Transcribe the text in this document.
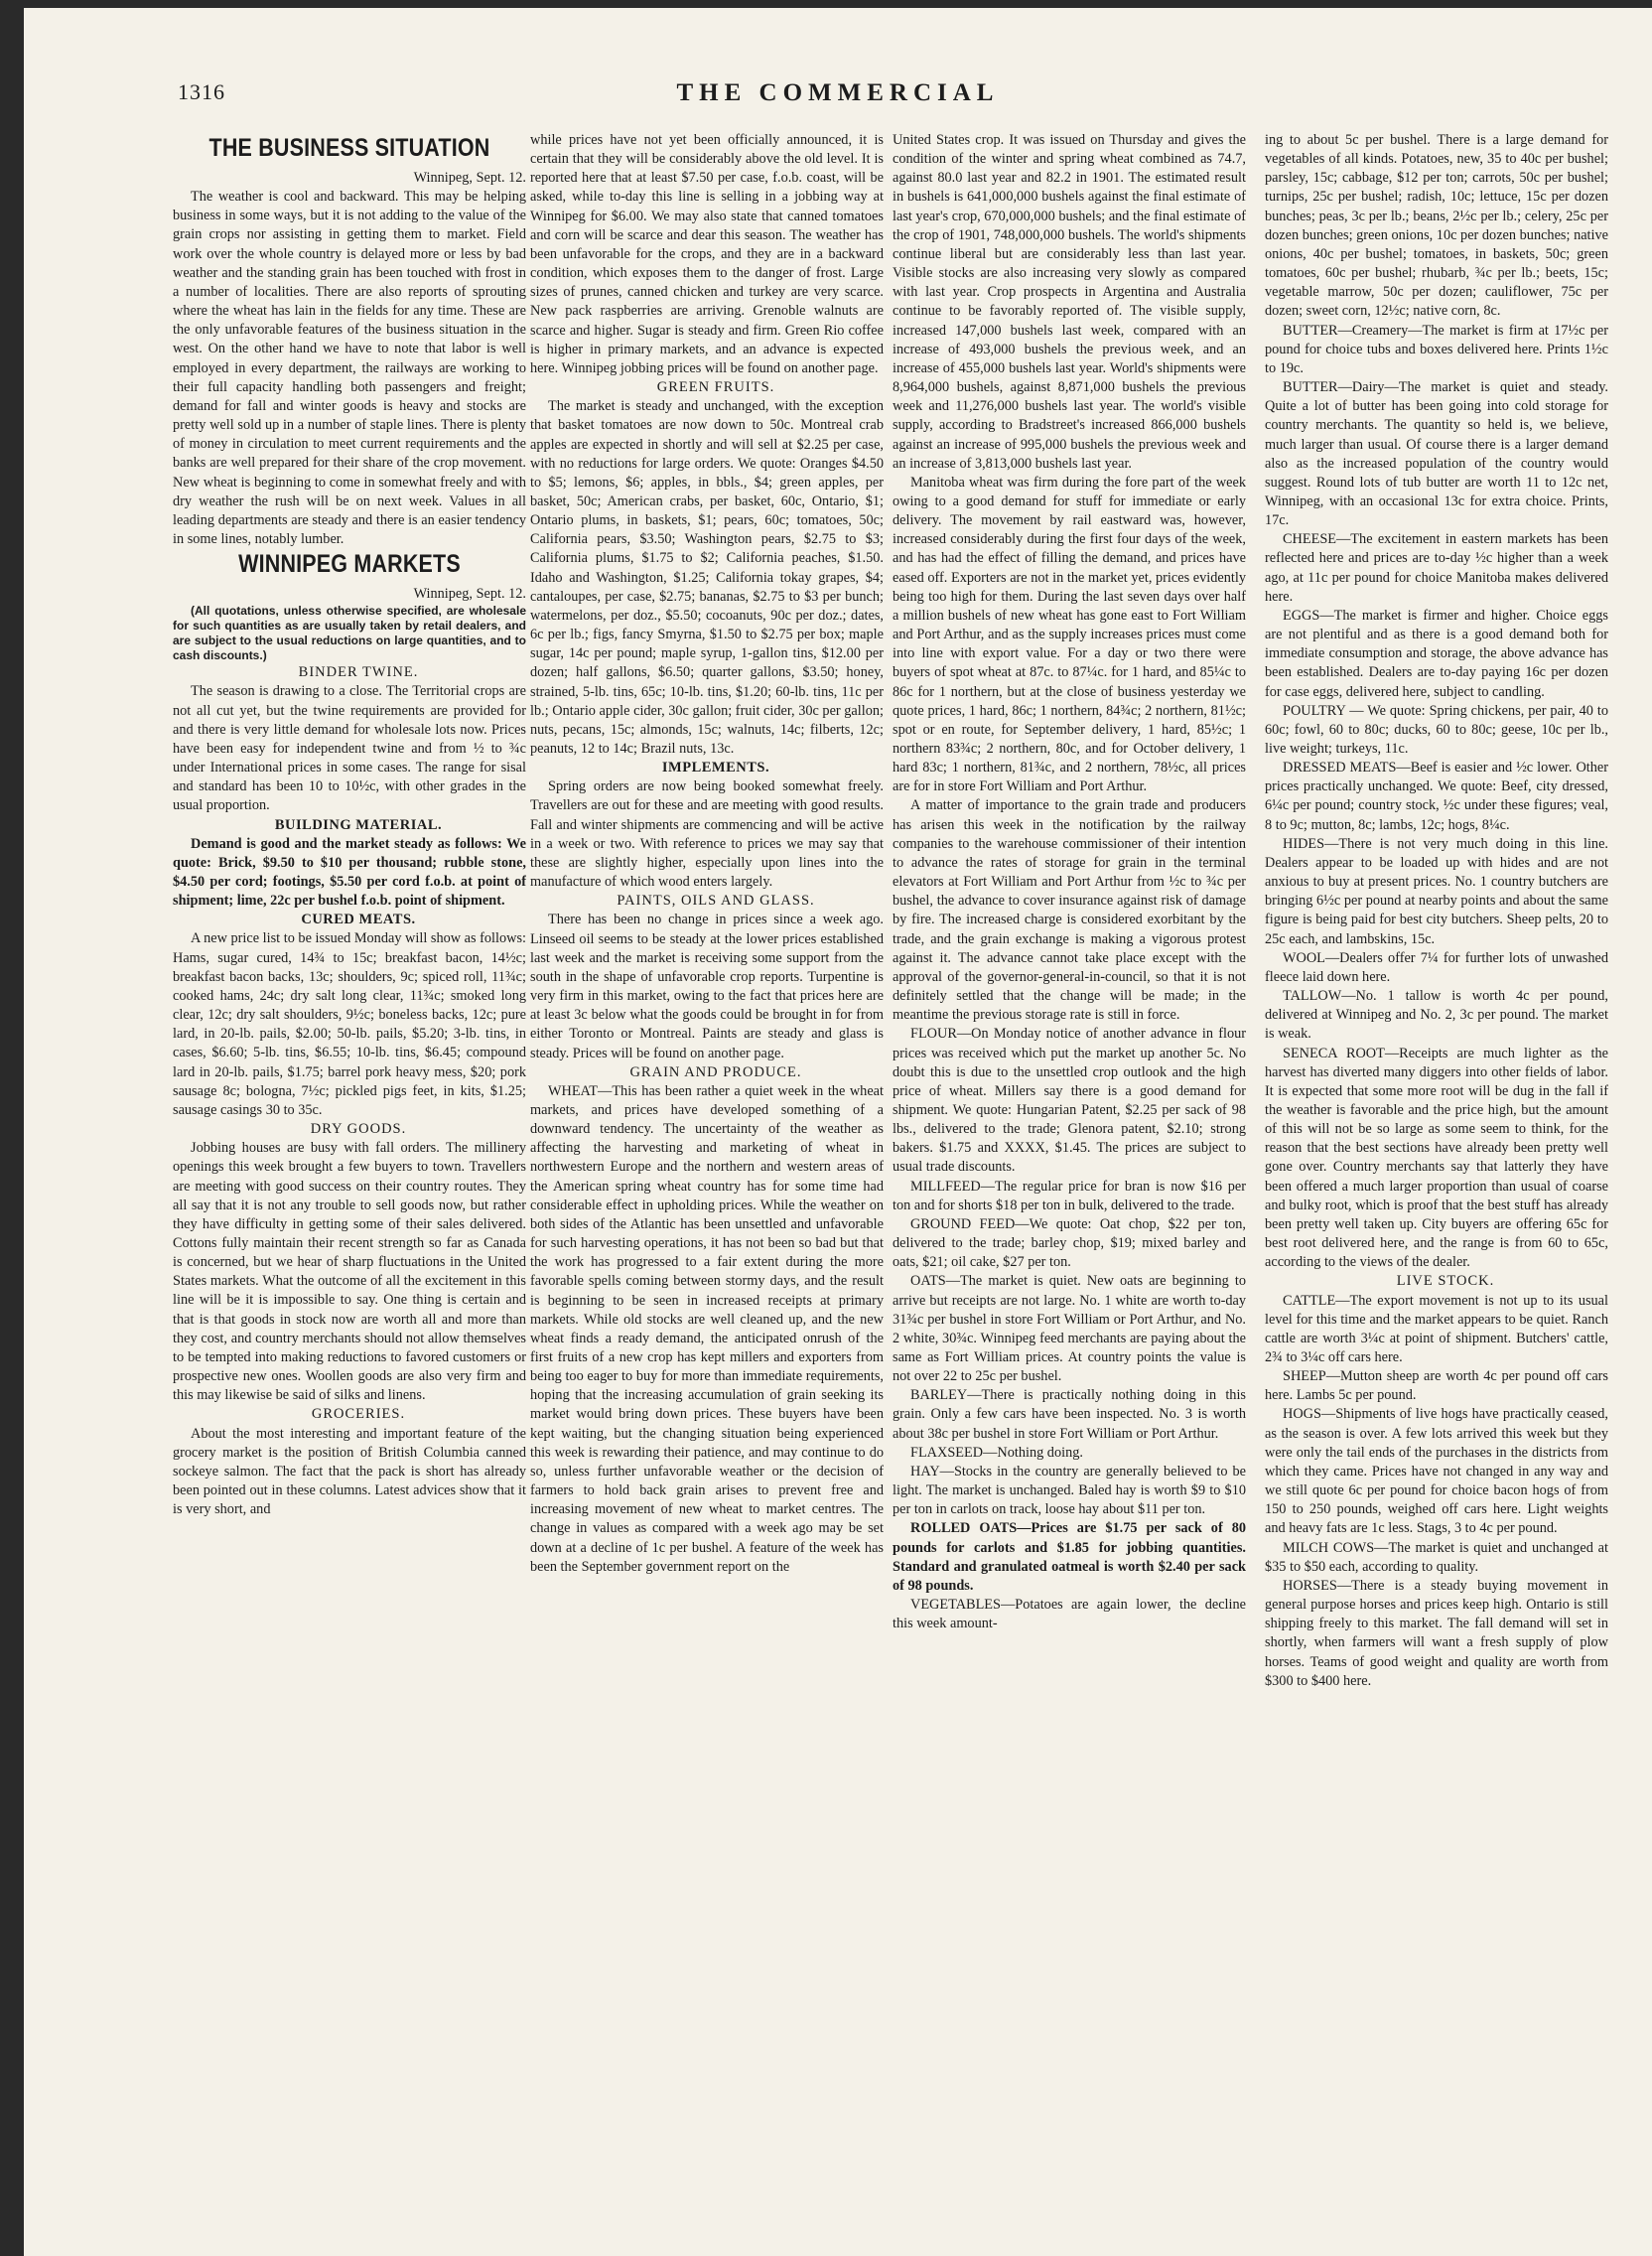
1316	THE COMMERCIAL
THE BUSINESS SITUATION

Winnipeg, Sept. 12.

The weather is cool and backward. This may be helping business in some ways, but it is not adding to the value of the grain crops nor assisting in getting them to market. Field work over the whole country is delayed more or less by bad weather and the standing grain has been touched with frost in a number of localities. There are also reports of sprouting where the wheat has lain in the fields for any time. These are the only unfavorable features of the business situation in the west. On the other hand we have to note that labor is well employed in every department, the railways are working to their full capacity handling both passengers and freight; demand for fall and winter goods is heavy and stocks are pretty well sold up in a number of staple lines. There is plenty of money in circulation to meet current requirements and the banks are well prepared for their share of the crop movement. New wheat is beginning to come in somewhat freely and with dry weather the rush will be on next week. Values in all leading departments are steady and there is an easier tendency in some lines, notably lumber.

WINNIPEG MARKETS

Winnipeg, Sept. 12.

(All quotations, unless otherwise specified, are wholesale for such quantities as are usually taken by retail dealers, and are subject to the usual reductions on large quantities, and to cash discounts.)

BINDER TWINE.

The season is drawing to a close. The Territorial crops are not all cut yet, but the twine requirements are provided for and there is very little demand for wholesale lots now. Prices have been easy for independent twine and from ½ to ¾c under International prices in some cases. The range for sisal and standard has been 10 to 10½c, with other grades in the usual proportion.

BUILDING MATERIAL.

Demand is good and the market steady as follows: We quote: Brick, $9.50 to $10 per thousand; rubble stone, $4.50 per cord; footings, $5.50 per cord f.o.b. at point of shipment; lime, 22c per bushel f.o.b. point of shipment.

CURED MEATS.

A new price list to be issued Monday will show as follows: Hams, sugar cured, 14¾ to 15c; breakfast bacon, 14½c; breakfast bacon backs, 13c; shoulders, 9c; spiced roll, 11¾c; cooked hams, 24c; dry salt long clear, 11¾c; smoked long clear, 12c; dry salt shoulders, 9½c; boneless backs, 12c; pure lard, in 20-lb. pails, $2.00; 50-lb. pails, $5.20; 3-lb. tins, in cases, $6.60; 5-lb. tins, $6.55; 10-lb. tins, $6.45; compound lard in 20-lb. pails, $1.75; barrel pork heavy mess, $20; pork sausage 8c; bologna, 7½c; pickled pigs feet, in kits, $1.25; sausage casings 30 to 35c.

DRY GOODS.

Jobbing houses are busy with fall orders. The millinery openings this week brought a few buyers to town. Travellers are meeting with good success on their country routes. They all say that it is not any trouble to sell goods now, but rather they have difficulty in getting some of their sales delivered. Cottons fully maintain their recent strength so far as Canada is concerned, but we hear of sharp fluctuations in the United States markets. What the outcome of all the excitement in this line will be it is impossible to say. One thing is certain and that is that goods in stock now are worth all and more than they cost, and country merchants should not allow themselves to be tempted into making reductions to favored customers or prospective new ones. Woollen goods are also very firm and this may likewise be said of silks and linens.

GROCERIES.

About the most interesting and important feature of the grocery market is the position of British Columbia canned sockeye salmon. The fact that the pack is short has already been pointed out in these columns. Latest advices show that it is very short, and

while prices have not yet been officially announced, it is certain that they will be considerably above the old level. It is reported here that at least $7.50 per case, f.o.b. coast, will be asked, while to-day this line is selling in a jobbing way at Winnipeg for $6.00. We may also state that canned tomatoes and corn will be scarce and dear this season. The weather has been unfavorable for the crops, and they are in a backward condition, which exposes them to the danger of frost. Large sizes of prunes, canned chicken and turkey are very scarce. New pack raspberries are arriving. Grenoble walnuts are scarce and higher. Sugar is steady and firm. Green Rio coffee is higher in primary markets, and an advance is expected here. Winnipeg jobbing prices will be found on another page.

GREEN FRUITS.

The market is steady and unchanged, with the exception that basket tomatoes are now down to 50c. Montreal crab apples are expected in shortly and will sell at $2.25 per case, with no reductions for large orders. We quote: Oranges $4.50 to $5; lemons, $6; apples, in bbls., $4; green apples, per basket, 50c; American crabs, per basket, 60c, Ontario, $1; Ontario plums, in baskets, $1; pears, 60c; tomatoes, 50c; California pears, $3.50; Washington pears, $2.75 to $3; California plums, $1.75 to $2; California peaches, $1.50. Idaho and Washington, $1.25; California tokay grapes, $4; cantaloupes, per case, $2.75; bananas, $2.75 to $3 per bunch; watermelons, per doz., $5.50; cocoanuts, 90c per doz.; dates, 6c per lb.; figs, fancy Smyrna, $1.50 to $2.75 per box; maple sugar, 14c per pound; maple syrup, 1-gallon tins, $12.00 per dozen; half gallons, $6.50; quarter gallons, $3.50; honey, strained, 5-lb. tins, 65c; 10-lb. tins, $1.20; 60-lb. tins, 11c per lb.; Ontario apple cider, 30c gallon; fruit cider, 30c per gallon; nuts, pecans, 15c; almonds, 15c; walnuts, 14c; filberts, 12c; peanuts, 12 to 14c; Brazil nuts, 13c.

IMPLEMENTS.

Spring orders are now being booked somewhat freely. Travellers are out for these and are meeting with good results. Fall and winter shipments are commencing and will be active in a week or two. With reference to prices we may say that these are slightly higher, especially upon lines into the manufacture of which wood enters largely.

PAINTS, OILS AND GLASS.

There has been no change in prices since a week ago. Linseed oil seems to be steady at the lower prices established last week and the market is receiving some support from the south in the shape of unfavorable crop reports. Turpentine is very firm in this market, owing to the fact that prices here are at least 3c below what the goods could be brought in for from either Toronto or Montreal. Paints are steady and glass is steady. Prices will be found on another page.

GRAIN AND PRODUCE.

WHEAT—This has been rather a quiet week in the wheat markets, and prices have developed something of a downward tendency. The uncertainty of the weather as affecting the harvesting and marketing of wheat in northwestern Europe and the northern and western areas of the American spring wheat country has for some time had considerable effect in upholding prices. While the weather on both sides of the Atlantic has been unsettled and unfavorable for such harvesting operations, it has not been so bad but that the work has progressed to a fair extent during the more favorable spells coming between stormy days, and the result is beginning to be seen in increased receipts at primary markets. While old stocks are well cleaned up, and the new wheat finds a ready demand, the anticipated onrush of the first fruits of a new crop has kept millers and exporters from being too eager to buy for more than immediate requirements, hoping that the increasing accumulation of grain seeking its market would bring down prices. These buyers have been kept waiting, but the changing situation being experienced this week is rewarding their patience, and may continue to do so, unless further unfavorable weather or the decision of farmers to hold back grain arises to prevent free and increasing movement of new wheat to market centres. The change in values as compared with a week ago may be set down at a decline of 1c per bushel. A feature of the week has been the September government report on the

United States crop. It was issued on Thursday and gives the condition of the winter and spring wheat combined as 74.7, against 80.0 last year and 82.2 in 1901. The estimated result in bushels is 641,000,000 bushels against the final estimate of last year's crop, 670,000,000 bushels; and the final estimate of the crop of 1901, 748,000,000 bushels. The world's shipments continue liberal but are considerably less than last year. Visible stocks are also increasing very slowly as compared with last year. Crop prospects in Argentina and Australia continue to be favorably reported of. The visible supply, increased 147,000 bushels last week, compared with an increase of 493,000 bushels the previous week, and an increase of 455,000 bushels last year. World's shipments were 8,964,000 bushels, against 8,871,000 bushels the previous week and 11,276,000 bushels last year. The world's visible supply, according to Bradstreet's increased 866,000 bushels against an increase of 995,000 bushels the previous week and an increase of 3,813,000 bushels last year.

Manitoba wheat was firm during the fore part of the week owing to a good demand for stuff for immediate or early delivery. The movement by rail eastward was, however, increased considerably during the first four days of the week, and has had the effect of filling the demand, and prices have eased off. Exporters are not in the market yet, prices evidently being too high for them. During the last seven days over half a million bushels of new wheat has gone east to Fort William and Port Arthur, and as the supply increases prices must come into line with export value. For a day or two there were buyers of spot wheat at 87c. to 87¼c. for 1 hard, and 85¼c to 86c for 1 northern, but at the close of business yesterday we quote prices, 1 hard, 86c; 1 northern, 84¾c; 2 northern, 81½c; spot or en route, for September delivery, 1 hard, 85½c; 1 northern 83¾c; 2 northern, 80c, and for October delivery, 1 hard 83c; 1 northern, 81¾c, and 2 northern, 78½c, all prices are for in store Fort William and Port Arthur.

A matter of importance to the grain trade and producers has arisen this week in the notification by the railway companies to the warehouse commissioner of their intention to advance the rates of storage for grain in the terminal elevators at Fort William and Port Arthur from ½c to ¾c per bushel, the advance to cover insurance against risk of damage by fire. The increased charge is considered exorbitant by the trade, and the grain exchange is making a vigorous protest against it. The advance cannot take place except with the approval of the governor-general-in-council, so that it is not definitely settled that the change will be made; in the meantime the previous storage rate is still in force.

FLOUR—On Monday notice of another advance in flour prices was received which put the market up another 5c. No doubt this is due to the unsettled crop outlook and the high price of wheat. Millers say there is a good demand for shipment. We quote: Hungarian Patent, $2.25 per sack of 98 lbs., delivered to the trade; Glenora patent, $2.10; strong bakers. $1.75 and XXXX, $1.45. The prices are subject to usual trade discounts.

MILLFEED—The regular price for bran is now $16 per ton and for shorts $18 per ton in bulk, delivered to the trade.

GROUND FEED—We quote: Oat chop, $22 per ton, delivered to the trade; barley chop, $19; mixed barley and oats, $21; oil cake, $27 per ton.

OATS—The market is quiet. New oats are beginning to arrive but receipts are not large. No. 1 white are worth to-day 31¾c per bushel in store Fort William or Port Arthur, and No. 2 white, 30¾c. Winnipeg feed merchants are paying about the same as Fort William prices. At country points the value is not over 22 to 25c per bushel.

BARLEY—There is practically nothing doing in this grain. Only a few cars have been inspected. No. 3 is worth about 38c per bushel in store Fort William or Port Arthur.

FLAXSEED—Nothing doing.

HAY—Stocks in the country are generally believed to be light. The market is unchanged. Baled hay is worth $9 to $10 per ton in carlots on track, loose hay about $11 per ton.

ROLLED OATS—Prices are $1.75 per sack of 80 pounds for carlots and $1.85 for jobbing quantities. Standard and granulated oatmeal is worth $2.40 per sack of 98 pounds.

VEGETABLES—Potatoes are again lower, the decline this week amount-

ing to about 5c per bushel. There is a large demand for vegetables of all kinds. Potatoes, new, 35 to 40c per bushel; parsley, 15c; cabbage, $12 per ton; carrots, 50c per bushel; turnips, 25c per bushel; radish, 10c; lettuce, 15c per dozen bunches; peas, 3c per lb.; beans, 2½c per lb.; celery, 25c per dozen bunches; green onions, 10c per dozen bunches; native onions, 40c per bushel; tomatoes, in baskets, 50c; green tomatoes, 60c per bushel; rhubarb, ¾c per lb.; beets, 15c; vegetable marrow, 50c per dozen; cauliflower, 75c per dozen; sweet corn, 12½c; native corn, 8c.

BUTTER—Creamery—The market is firm at 17½c per pound for choice tubs and boxes delivered here. Prints 1½c to 19c.

BUTTER—Dairy—The market is quiet and steady. Quite a lot of butter has been going into cold storage for country merchants. The quantity so held is, we believe, much larger than usual. Of course there is a larger demand also as the increased population of the country would suggest. Round lots of tub butter are worth 11 to 12c net, Winnipeg, with an occasional 13c for extra choice. Prints, 17c.

CHEESE—The excitement in eastern markets has been reflected here and prices are to-day ½c higher than a week ago, at 11c per pound for choice Manitoba makes delivered here.

EGGS—The market is firmer and higher. Choice eggs are not plentiful and as there is a good demand both for immediate consumption and storage, the above advance has been established. Dealers are to-day paying 16c per dozen for case eggs, delivered here, subject to candling.

POULTRY — We quote: Spring chickens, per pair, 40 to 60c; fowl, 60 to 80c; ducks, 60 to 80c; geese, 10c per lb., live weight; turkeys, 11c.

DRESSED MEATS—Beef is easier and ½c lower. Other prices practically unchanged. We quote: Beef, city dressed, 6¼c per pound; country stock, ½c under these figures; veal, 8 to 9c; mutton, 8c; lambs, 12c; hogs, 8¼c.

HIDES—There is not very much doing in this line. Dealers appear to be loaded up with hides and are not anxious to buy at present prices. No. 1 country butchers are bringing 6½c per pound at nearby points and about the same figure is being paid for best city butchers. Sheep pelts, 20 to 25c each, and lambskins, 15c.

WOOL—Dealers offer 7¼ for further lots of unwashed fleece laid down here.

TALLOW—No. 1 tallow is worth 4c per pound, delivered at Winnipeg and No. 2, 3c per pound. The market is weak.

SENECA ROOT—Receipts are much lighter as the harvest has diverted many diggers into other fields of labor. It is expected that some more root will be dug in the fall if the weather is favorable and the price high, but the amount of this will not be so large as some seem to think, for the reason that the best sections have already been pretty well gone over. Country merchants say that latterly they have been offered a much larger proportion than usual of coarse and bulky root, which is proof that the best stuff has already been pretty well taken up. City buyers are offering 65c for best root delivered here, and the range is from 60 to 65c, according to the views of the dealer.

LIVE STOCK.

CATTLE—The export movement is not up to its usual level for this time and the market appears to be quiet. Ranch cattle are worth 3¼c at point of shipment. Butchers' cattle, 2¾ to 3¼c off cars here.

SHEEP—Mutton sheep are worth 4c per pound off cars here. Lambs 5c per pound.

HOGS—Shipments of live hogs have practically ceased, as the season is over. A few lots arrived this week but they were only the tail ends of the purchases in the districts from which they came. Prices have not changed in any way and we still quote 6c per pound for choice bacon hogs of from 150 to 250 pounds, weighed off cars here. Light weights and heavy fats are 1c less. Stags, 3 to 4c per pound.

MILCH COWS—The market is quiet and unchanged at $35 to $50 each, according to quality.

HORSES—There is a steady buying movement in general purpose horses and prices keep high. Ontario is still shipping freely to this market. The fall demand will set in shortly, when farmers will want a fresh supply of plow horses. Teams of good weight and quality are worth from $300 to $400 here.
